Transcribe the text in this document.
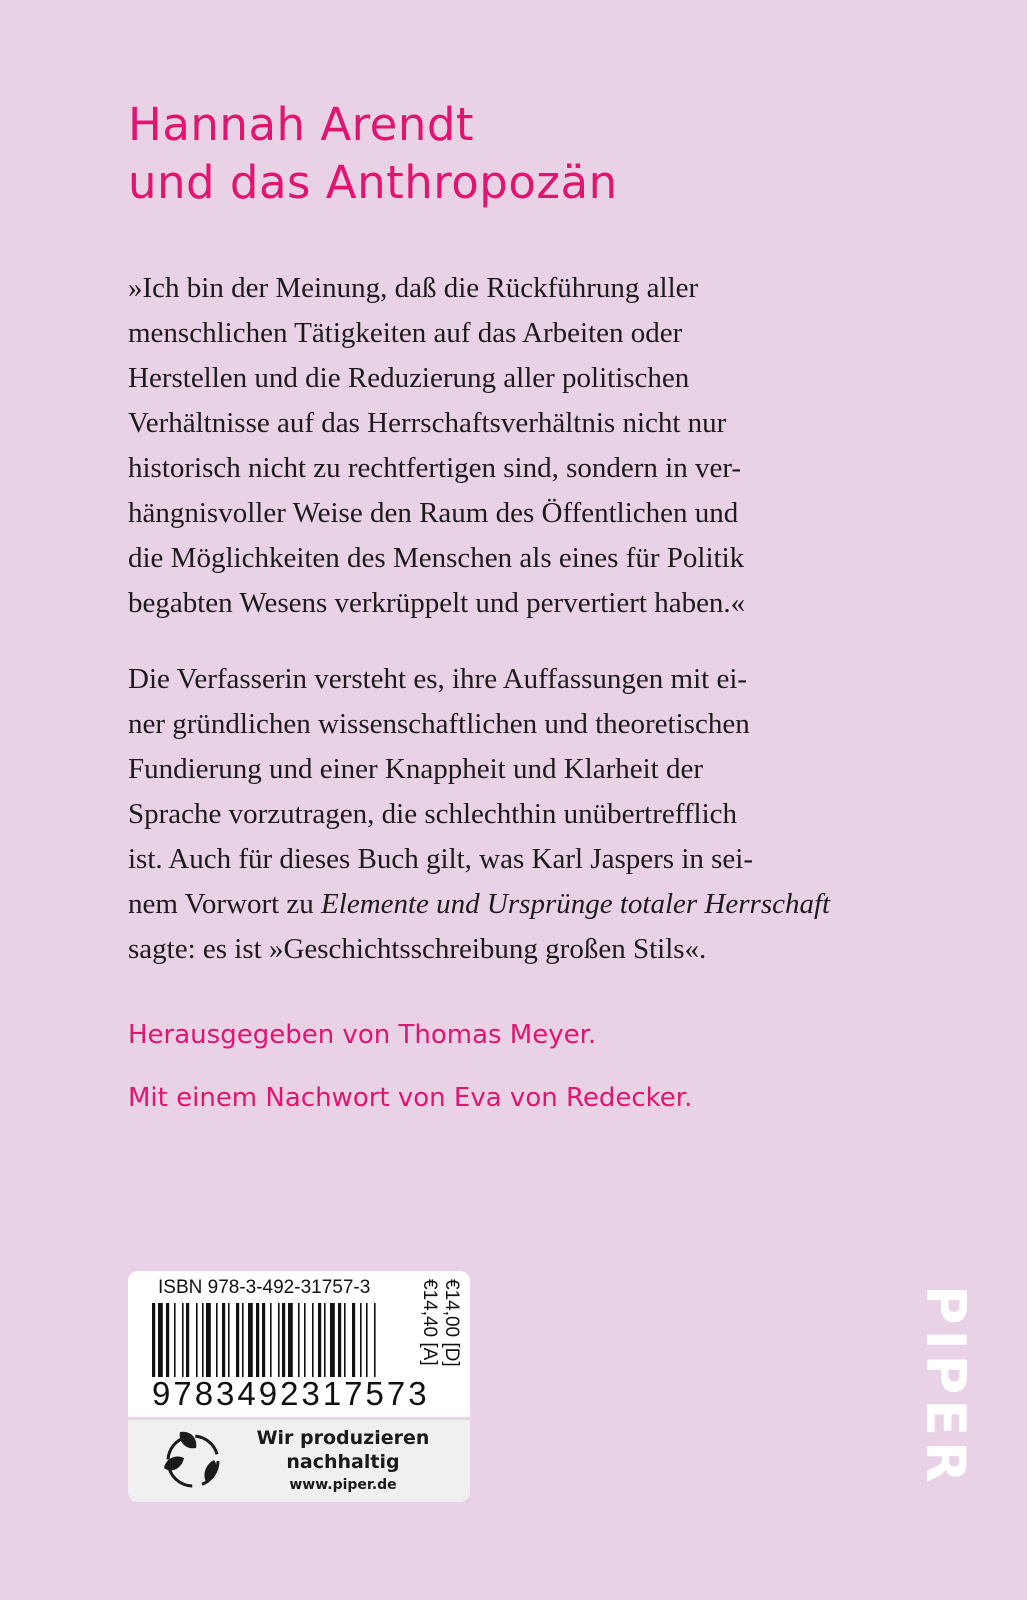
Hannah Arendt
und das Anthropozän
»Ich bin der Meinung, daß die Rückführung aller
menschlichen Tätigkeiten auf das Arbeiten oder
Herstellen und die Reduzierung aller politischen
Verhältnisse auf das Herrschaftsverhältnis nicht nur
historisch nicht zu rechtfertigen sind, sondern in ver-
hängnisvoller Weise den Raum des Öffentlichen und
die Möglichkeiten des Menschen als eines für Politik
begabten Wesens verkrüppelt und pervertiert haben.«
Die Verfasserin versteht es, ihre Auffassungen mit ei-
ner gründlichen wissenschaftlichen und theoretischen
Fundierung und einer Knappheit und Klarheit der
Sprache vorzutragen, die schlechthin unübertrefflich
ist. Auch für dieses Buch gilt, was Karl Jaspers in sei-
nem Vorwort zu Elemente und Ursprünge totaler Herrschaft
sagte: es ist »Geschichtsschreibung großen Stils«.
Herausgegeben von Thomas Meyer.
Mit einem Nachwort von Eva von Redecker.
ISBN 978-3-492-31757-3
9783492317573
€14,00 [D]
€14,40 [A]
Wir produzieren
nachhaltig
www.piper.de	PIPER
